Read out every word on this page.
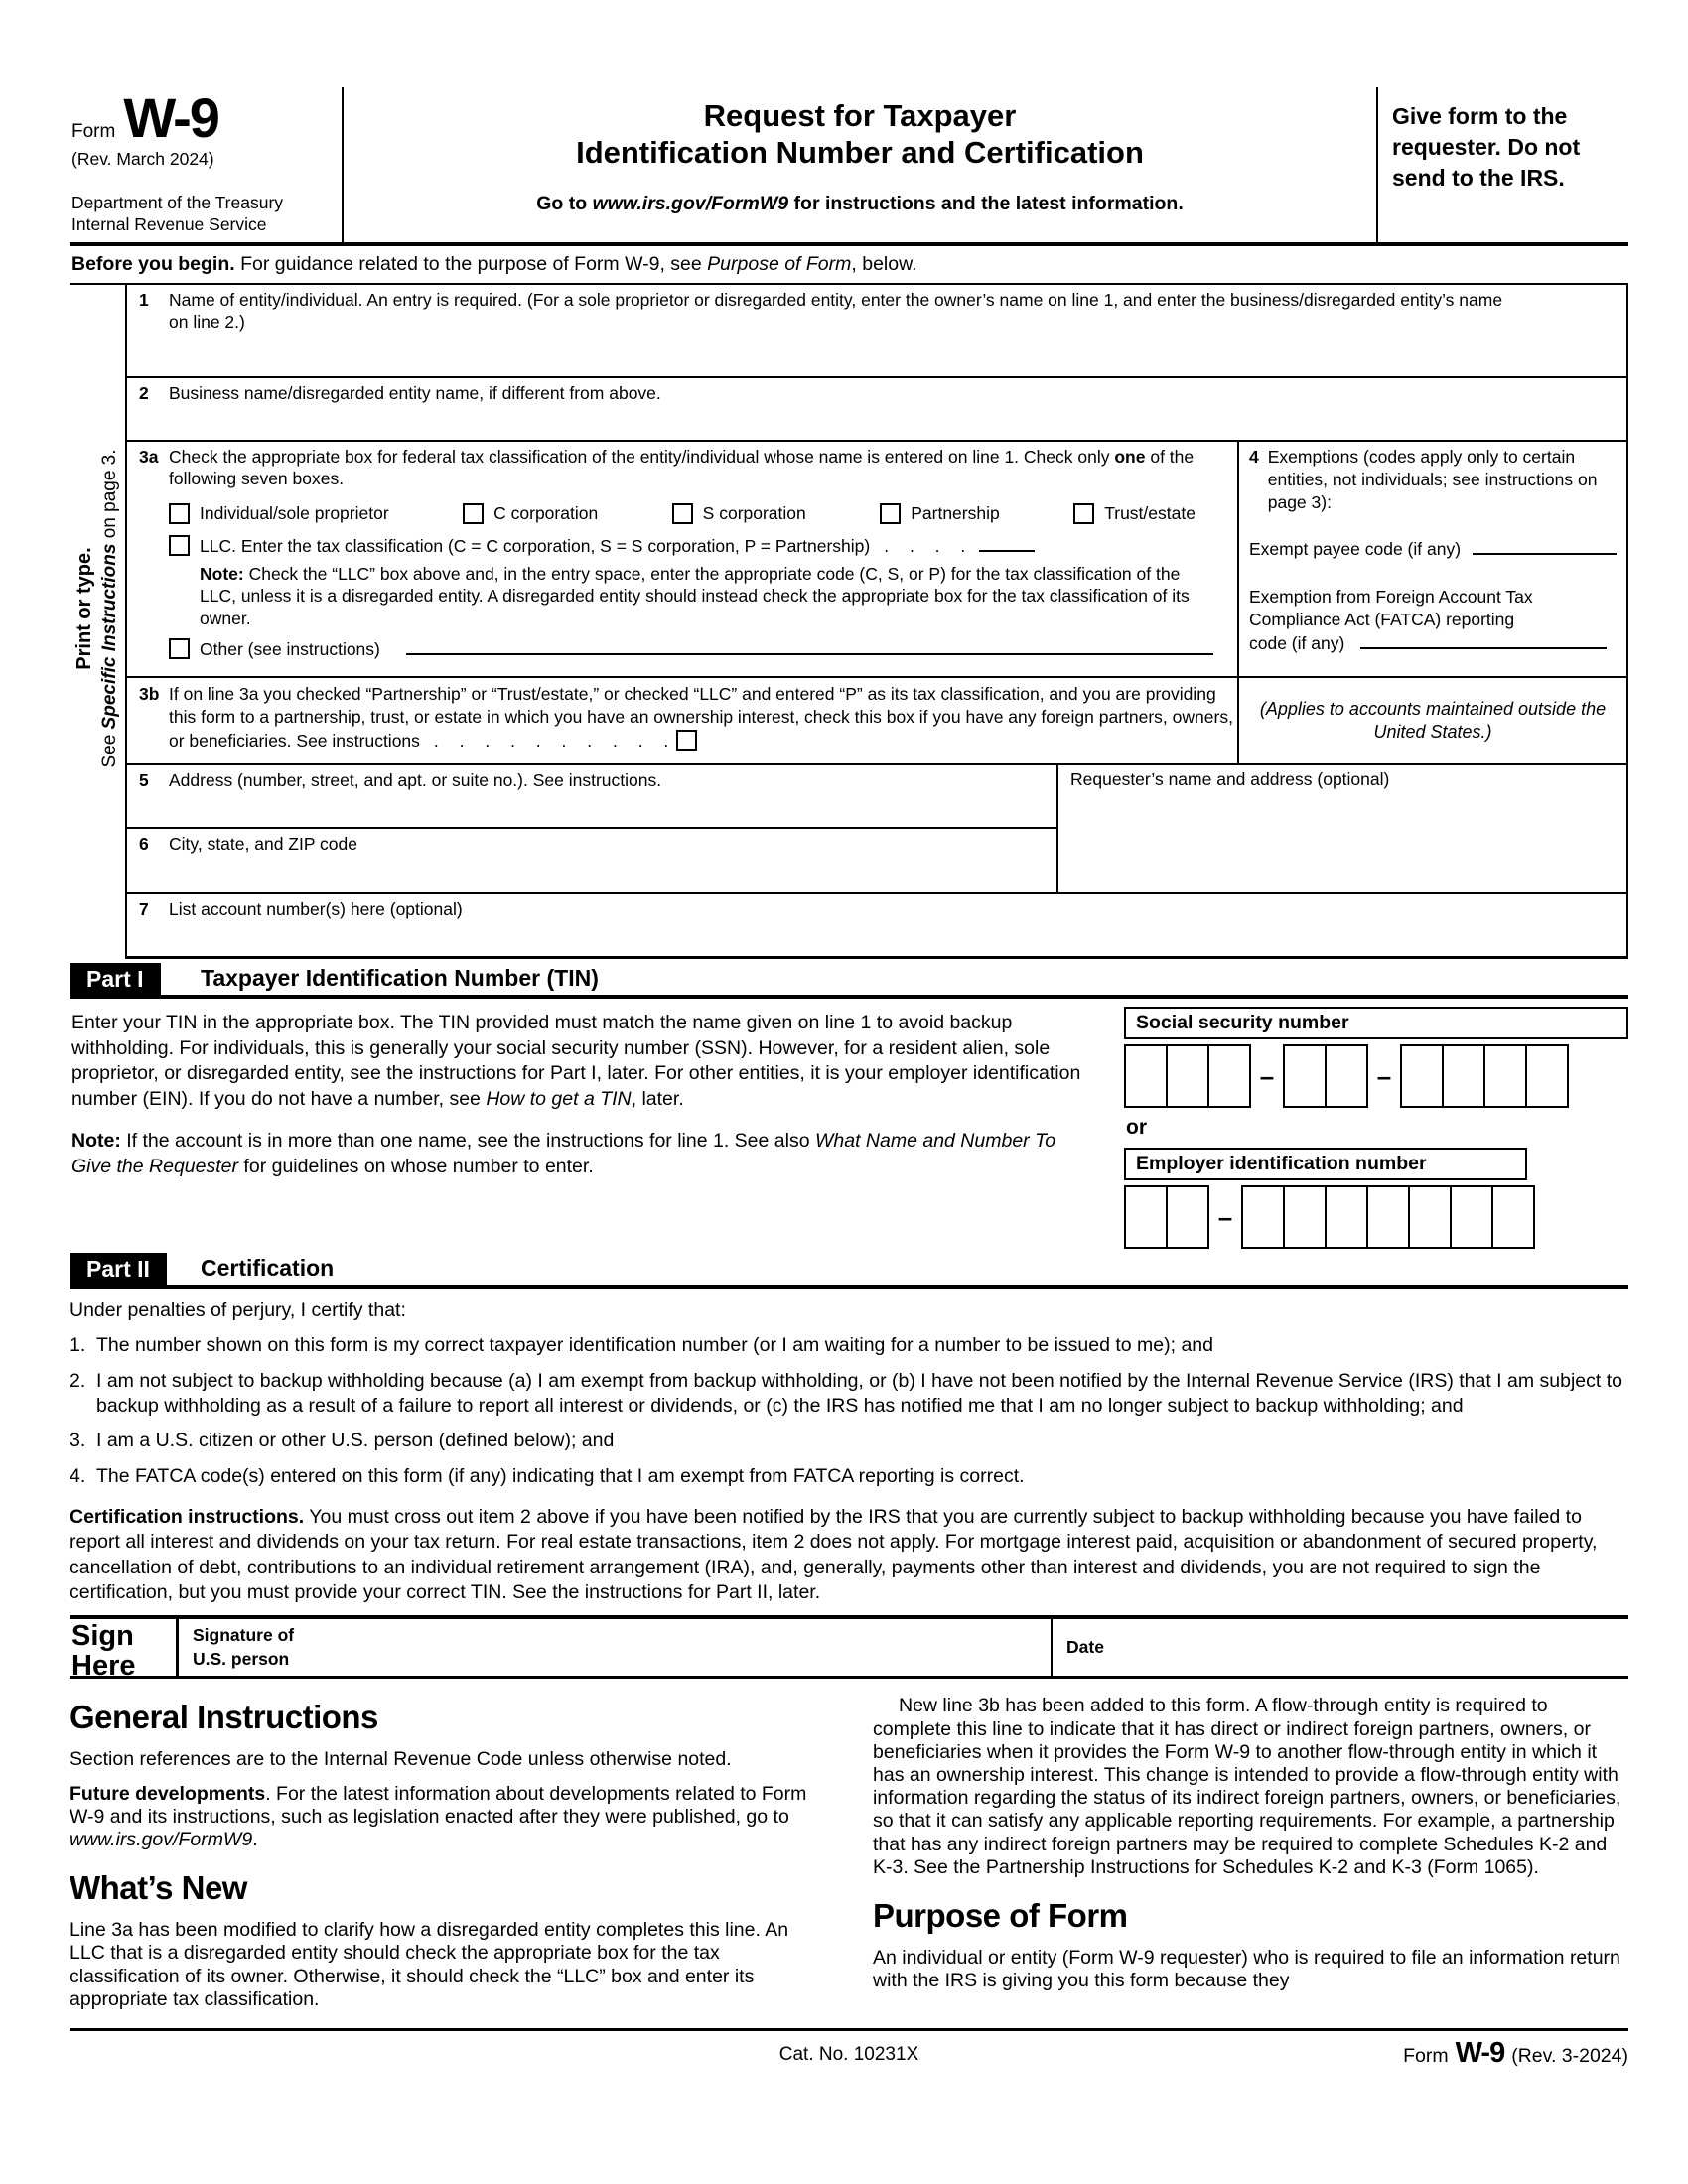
Form W-9
(Rev. March 2024)
Department of the Treasury
Internal Revenue Service
Request for Taxpayer
Identification Number and Certification
Go to www.irs.gov/FormW9 for instructions and the latest information.
Give form to the requester. Do not send to the IRS.
Before you begin. For guidance related to the purpose of Form W-9, see Purpose of Form, below.
Print or type.
See Specific Instructions on page 3.
1	Name of entity/individual. An entry is required. (For a sole proprietor or disregarded entity, enter the owner’s name on line 1, and enter the business/disregarded entity’s name on line 2.)
2	Business name/disregarded entity name, if different from above.
3a Check the appropriate box for federal tax classification of the entity/individual whose name is entered on line 1. Check only one of the following seven boxes.
Individual/sole proprietor	C corporation	S corporation	Partnership	Trust/estate
LLC. Enter the tax classification (C = C corporation, S = S corporation, P = Partnership) . . . .
Note: Check the “LLC” box above and, in the entry space, enter the appropriate code (C, S, or P) for the tax classification of the LLC, unless it is a disregarded entity. A disregarded entity should instead check the appropriate box for the tax classification of its owner.
Other (see instructions)
3b If on line 3a you checked “Partnership” or “Trust/estate,” or checked “LLC” and entered “P” as its tax classification, and you are providing this form to a partnership, trust, or estate in which you have an ownership interest, check this box if you have any foreign partners, owners, or beneficiaries. See instructions . . . . . . . . . .
4 Exemptions (codes apply only to certain entities, not individuals; see instructions on page 3):
Exempt payee code (if any)
Exemption from Foreign Account Tax
Compliance Act (FATCA) reporting
code (if any)
(Applies to accounts maintained outside the United States.)
5	Address (number, street, and apt. or suite no.). See instructions.
6	City, state, and ZIP code
Requester’s name and address (optional)
7	List account number(s) here (optional)
Part I	Taxpayer Identification Number (TIN)
Enter your TIN in the appropriate box. The TIN provided must match the name given on line 1 to avoid backup withholding. For individuals, this is generally your social security number (SSN). However, for a resident alien, sole proprietor, or disregarded entity, see the instructions for Part I, later. For other entities, it is your employer identification number (EIN). If you do not have a number, see How to get a TIN, later.
Note: If the account is in more than one name, see the instructions for line 1. See also What Name and Number To Give the Requester for guidelines on whose number to enter.
Social security number
–	–
or
Employer identification number
–
Part II	Certification
Under penalties of perjury, I certify that:
1. The number shown on this form is my correct taxpayer identification number (or I am waiting for a number to be issued to me); and
2. I am not subject to backup withholding because (a) I am exempt from backup withholding, or (b) I have not been notified by the Internal Revenue Service (IRS) that I am subject to backup withholding as a result of a failure to report all interest or dividends, or (c) the IRS has notified me that I am no longer subject to backup withholding; and
3. I am a U.S. citizen or other U.S. person (defined below); and
4. The FATCA code(s) entered on this form (if any) indicating that I am exempt from FATCA reporting is correct.
Certification instructions. You must cross out item 2 above if you have been notified by the IRS that you are currently subject to backup withholding because you have failed to report all interest and dividends on your tax return. For real estate transactions, item 2 does not apply. For mortgage interest paid, acquisition or abandonment of secured property, cancellation of debt, contributions to an individual retirement arrangement (IRA), and, generally, payments other than interest and dividends, you are not required to sign the certification, but you must provide your correct TIN. See the instructions for Part II, later.
Sign
Here
Signature of
U.S. person
Date
General Instructions

Section references are to the Internal Revenue Code unless otherwise noted.

Future developments. For the latest information about developments related to Form W-9 and its instructions, such as legislation enacted after they were published, go to www.irs.gov/FormW9.

What’s New

Line 3a has been modified to clarify how a disregarded entity completes this line. An LLC that is a disregarded entity should check the appropriate box for the tax classification of its owner. Otherwise, it should check the “LLC” box and enter its appropriate tax classification.

New line 3b has been added to this form. A flow-through entity is required to complete this line to indicate that it has direct or indirect foreign partners, owners, or beneficiaries when it provides the Form W-9 to another flow-through entity in which it has an ownership interest. This change is intended to provide a flow-through entity with information regarding the status of its indirect foreign partners, owners, or beneficiaries, so that it can satisfy any applicable reporting requirements. For example, a partnership that has any indirect foreign partners may be required to complete Schedules K-2 and K-3. See the Partnership Instructions for Schedules K-2 and K-3 (Form 1065).

Purpose of Form

An individual or entity (Form W-9 requester) who is required to file an information return with the IRS is giving you this form because they

Cat. No. 10231X	Form W-9 (Rev. 3-2024)
